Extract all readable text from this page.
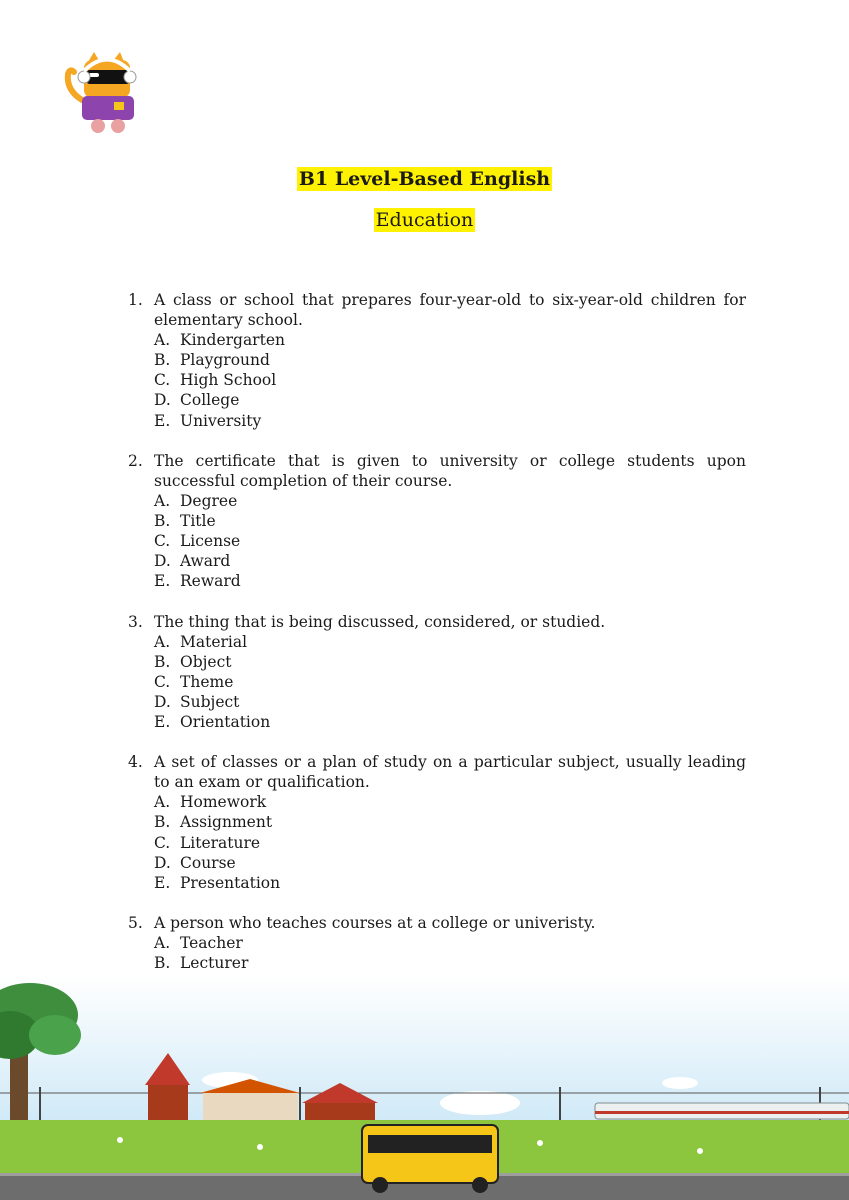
B1 Level-Based English
Education
1. A class or school that prepares four-year-old to six-year-old children for elementary school.
A. Kindergarten
B. Playground
C. High School
D. College
E. University
2. The certificate that is given to university or college students upon successful completion of their course.
A. Degree
B. Title
C. License
D. Award
E. Reward
3. The thing that is being discussed, considered, or studied.
A. Material
B. Object
C. Theme
D. Subject
E. Orientation
4. A set of classes or a plan of study on a particular subject, usually leading to an exam or qualification.
A. Homework
B. Assignment
C. Literature
D. Course
E. Presentation
5. A person who teaches courses at a college or univeristy.
A. Teacher
B. Lecturer
